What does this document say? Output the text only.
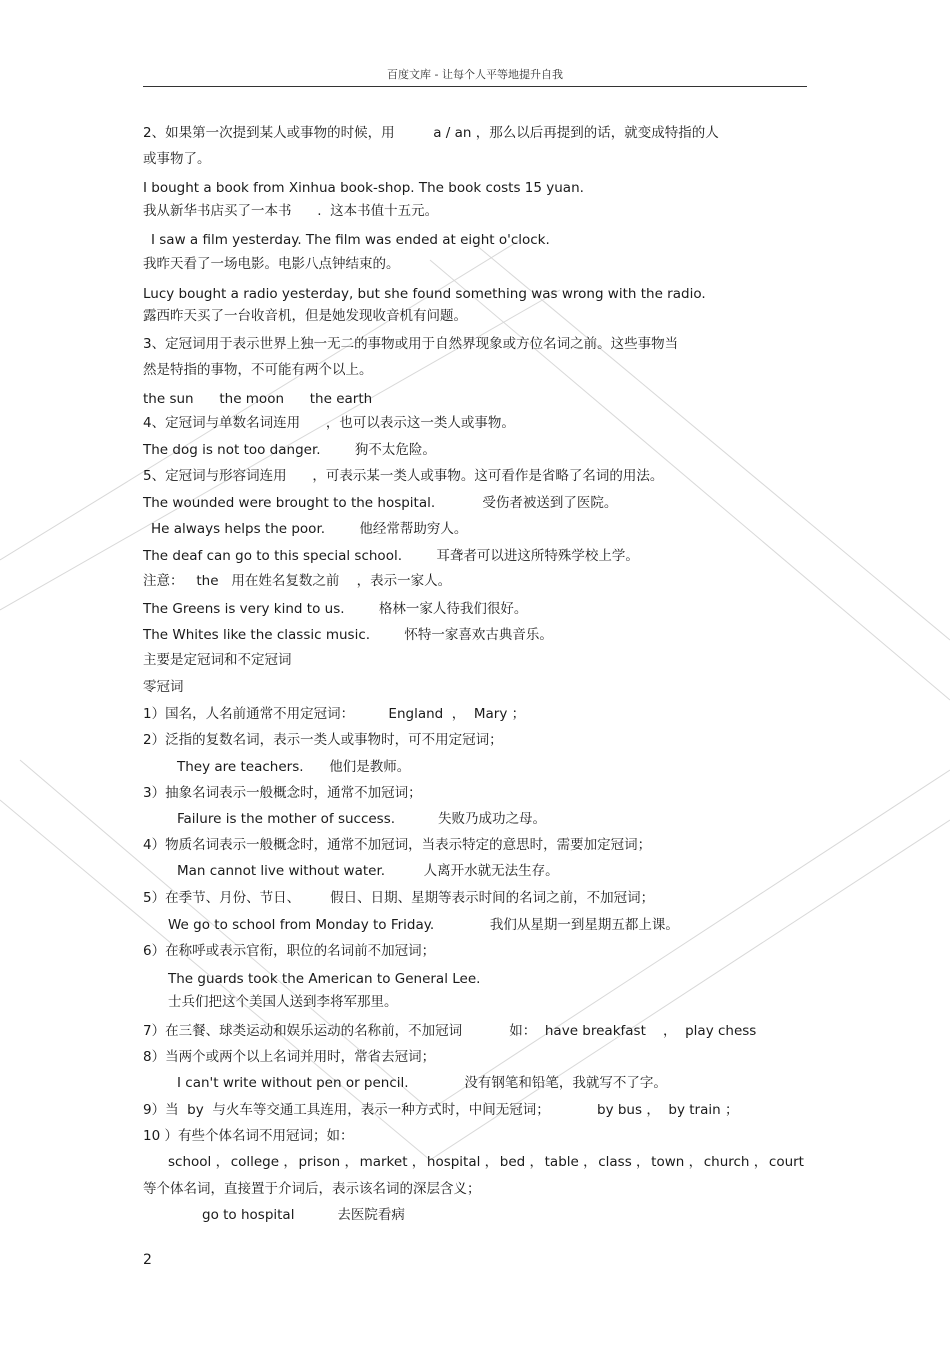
百度文库 - 让每个人平等地提升自我
2、如果第一次提到某人或事物的时候，用         a / an ，那么以后再提到的话，就变成特指的人
或事物了。
I bought a book from Xinhua book-shop. The book costs 15 yuan.
我从新华书店买了一本书      .  这本书值十五元。
I saw a film yesterday. The film was ended at eight o'clock.
我昨天看了一场电影。电影八点钟结束的。
Lucy bought a radio yesterday, but she found something was wrong with the radio.
露西昨天买了一台收音机，但是她发现收音机有问题。
3、定冠词用于表示世界上独一无二的事物或用于自然界现象或方位名词之前。这些事物当
然是特指的事物，不可能有两个以上。
the sun      the moon      the earth
4、定冠词与单数名词连用      ，也可以表示这一类人或事物。
The dog is not too danger.        狗不太危险。
5、定冠词与形容词连用      ，可表示某一类人或事物。这可看作是省略了名词的用法。
The wounded were brought to the hospital.           受伤者被送到了医院。
He always helps the poor.        他经常帮助穷人。
The deaf can go to this special school.        耳聋者可以进这所特殊学校上学。
注意：   the   用在姓名复数之前    ，表示一家人。
The Greens is very kind to us.        格林一家人待我们很好。
The Whites like the classic music.        怀特一家喜欢古典音乐。
主要是定冠词和不定冠词
零冠词
1）国名，人名前通常不用定冠词：        England  ，  Mary ；
2）泛指的复数名词，表示一类人或事物时，可不用定冠词；
They are teachers.      他们是教师。
3）抽象名词表示一般概念时，通常不加冠词；
Failure is the mother of success.          失败乃成功之母。
4）物质名词表示一般概念时，通常不加冠词，当表示特定的意思时，需要加定冠词；
Man cannot live without water.         人离开水就无法生存。
5）在季节、月份、节日、       假日、日期、星期等表示时间的名词之前，不加冠词；
We go to school from Monday to Friday.             我们从星期一到星期五都上课。
6）在称呼或表示官衔，职位的名词前不加冠词；
The guards took the American to General Lee.
士兵们把这个美国人送到李将军那里。
7）在三餐、球类运动和娱乐运动的名称前，不加冠词           如：  have breakfast    ，  play chess
8）当两个或两个以上名词并用时，常省去冠词；
I can't write without pen or pencil.             没有钢笔和铅笔，我就写不了字。
9）当  by  与火车等交通工具连用，表示一种方式时，中间无冠词；           by bus ，  by train ；
10 ）有些个体名词不用冠词；如：
school ， college ， prison ， market ， hospital ， bed ， table ， class ， town ， church ， court
等个体名词，直接置于介词后，表示该名词的深层含义；
go to hospital          去医院看病
2
